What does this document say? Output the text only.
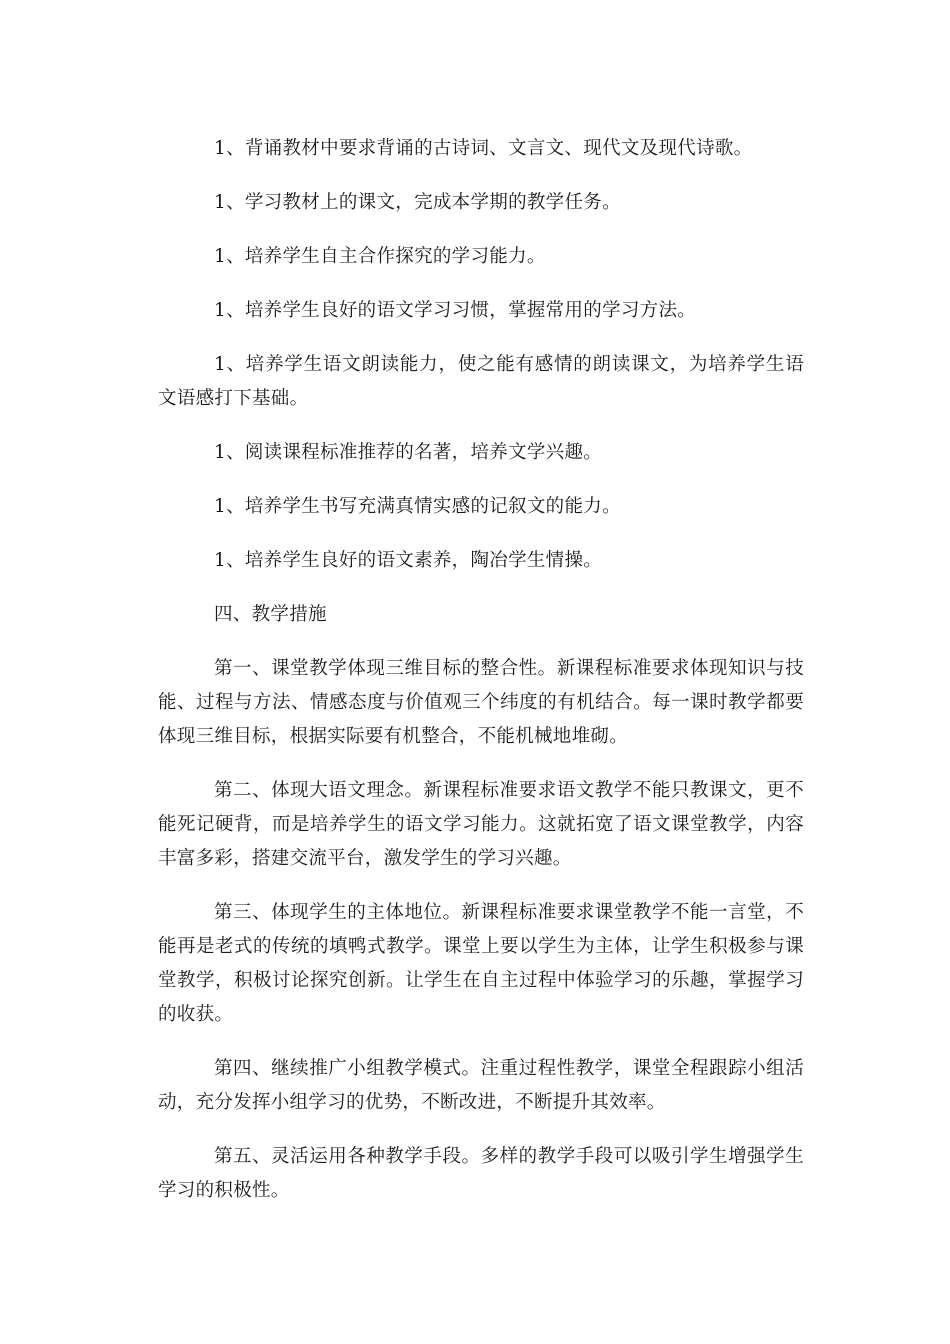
1、背诵教材中要求背诵的古诗词、文言文、现代文及现代诗歌。

1、学习教材上的课文，完成本学期的教学任务。

1、培养学生自主合作探究的学习能力。

1、培养学生良好的语文学习习惯，掌握常用的学习方法。

1、培养学生语文朗读能力，使之能有感情的朗读课文，为培养学生语文语感打下基础。

1、阅读课程标准推荐的名著，培养文学兴趣。

1、培养学生书写充满真情实感的记叙文的能力。

1、培养学生良好的语文素养，陶冶学生情操。

四、教学措施

第一、课堂教学体现三维目标的整合性。新课程标准要求体现知识与技能、过程与方法、情感态度与价值观三个纬度的有机结合。每一课时教学都要体现三维目标，根据实际要有机整合，不能机械地堆砌。

第二、体现大语文理念。新课程标准要求语文教学不能只教课文，更不能死记硬背，而是培养学生的语文学习能力。这就拓宽了语文课堂教学，内容丰富多彩，搭建交流平台，激发学生的学习兴趣。

第三、体现学生的主体地位。新课程标准要求课堂教学不能一言堂，不能再是老式的传统的填鸭式教学。课堂上要以学生为主体，让学生积极参与课堂教学，积极讨论探究创新。让学生在自主过程中体验学习的乐趣，掌握学习的收获。

第四、继续推广小组教学模式。注重过程性教学，课堂全程跟踪小组活动，充分发挥小组学习的优势，不断改进，不断提升其效率。

第五、灵活运用各种教学手段。多样的教学手段可以吸引学生增强学生学习的积极性。
